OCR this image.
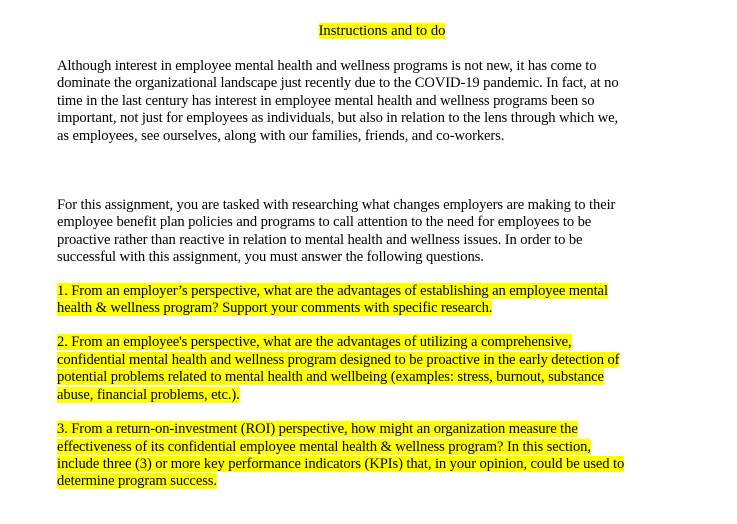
Instructions and to do

Although interest in employee mental health and wellness programs is not new, it has come to
dominate the organizational landscape just recently due to the COVID-19 pandemic. In fact, at no
time in the last century has interest in employee mental health and wellness programs been so
important, not just for employees as individuals, but also in relation to the lens through which we,
as employees, see ourselves, along with our families, friends, and co-workers.

For this assignment, you are tasked with researching what changes employers are making to their
employee benefit plan policies and programs to call attention to the need for employees to be
proactive rather than reactive in relation to mental health and wellness issues. In order to be
successful with this assignment, you must answer the following questions.

1. From an employer’s perspective, what are the advantages of establishing an employee mental
health & wellness program? Support your comments with specific research.

2. From an employee's perspective, what are the advantages of utilizing a comprehensive,
confidential mental health and wellness program designed to be proactive in the early detection of
potential problems related to mental health and wellbeing (examples: stress, burnout, substance
abuse, financial problems, etc.).

3. From a return-on-investment (ROI) perspective, how might an organization measure the
effectiveness of its confidential employee mental health & wellness program? In this section,
include three (3) or more key performance indicators (KPIs) that, in your opinion, could be used to
determine program success.
